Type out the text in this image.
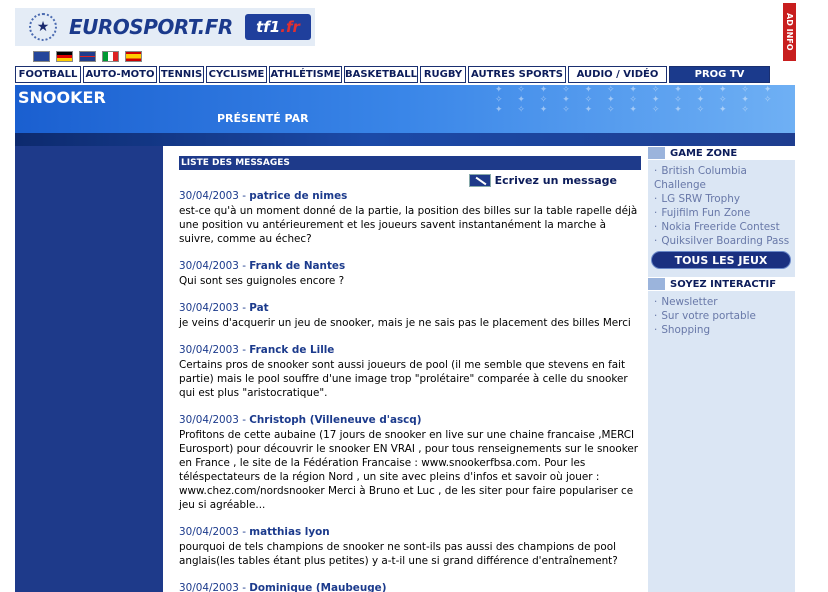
★ EUROSPORT.FR tf1 .fr	AD INFO
FOOTBALL AUTO-MOTO TENNIS CYCLISME ATHLÉTISME BASKETBALL RUGBY AUTRES SPORTS	AUDIO / VIDÉO	PROG TV
✦ ✧ ✦ ✧ ✦ ✧ ✦ ✧ ✦ ✧ ✦ ✧ ✦ ✧ ✦ ✧ ✦ ✧ ✦ ✧ ✦ ✧ ✦ ✧ ✦ ✧ ✦ ✧ ✦ ✧ ✦ ✧ ✦ ✧ ✦ ✧ ✦ ✧
SNOOKER
PRÉSENTÉ PAR
LISTE DES MESSAGES
Ecrivez un message
30/04/2003 - patrice de nimes
est-ce qu'à un moment donné de la partie, la position des billes sur la table rapelle déjà une position vu antérieurement et les joueurs savent instantanément la marche à suivre, comme au échec?
30/04/2003 - Frank de Nantes
Qui sont ses guignoles encore ?
30/04/2003 - Pat
je veins d'acquerir un jeu de snooker, mais je ne sais pas le placement des billes Merci
30/04/2003 - Franck de Lille
Certains pros de snooker sont aussi joueurs de pool (il me semble que stevens en fait partie) mais le pool souffre d'une image trop "prolétaire" comparée à celle du snooker qui est plus "aristocratique".
30/04/2003 - Christoph (Villeneuve d'ascq)
Profitons de cette aubaine (17 jours de snooker en live sur une chaine francaise ,MERCI Eurosport) pour découvrir le snooker EN VRAI , pour tous renseignements sur le snooker en France , le site de la Fédération Francaise : www.snookerfbsa.com. Pour les téléspectateurs de la région Nord , un site avec pleins d'infos et savoir où jouer : www.chez.com/nordsnooker Merci à Bruno et Luc , de les siter pour faire populariser ce jeu si agréable...
30/04/2003 - matthias lyon
pourquoi de tels champions de snooker ne sont-ils pas aussi des champions de pool anglais(les tables étant plus petites) y a-t-il une si grand différence d'entraînement?
30/04/2003 - Dominique (Maubeuge)
GAME ZONE
· British Columbia Challenge
· LG SRW Trophy
· Fujifilm Fun Zone
· Nokia Freeride Contest
· Quiksilver Boarding Pass
TOUS LES JEUX
SOYEZ INTERACTIF
· Newsletter
· Sur votre portable
· Shopping
